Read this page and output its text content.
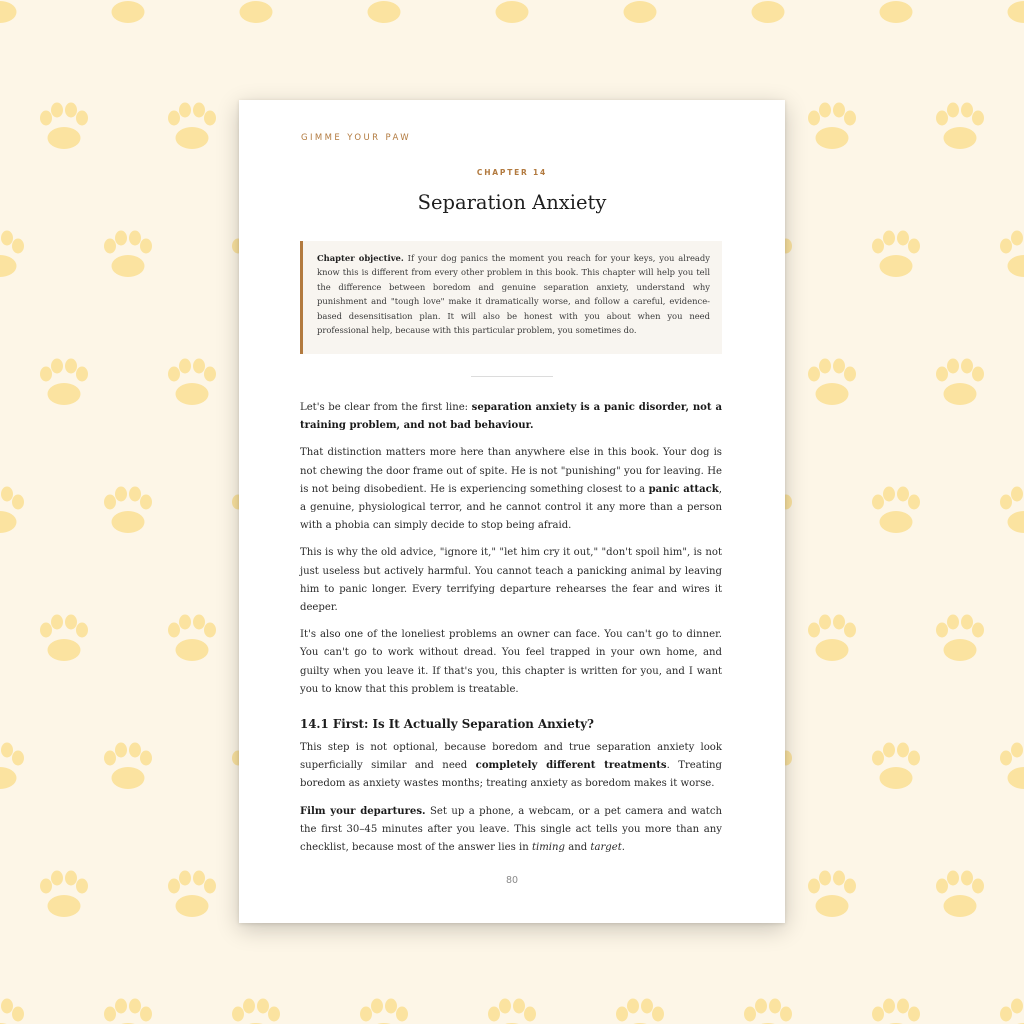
GIMME YOUR PAW
CHAPTER 14
Separation Anxiety
Chapter objective. If your dog panics the moment you reach for your keys, you already know this is different from every other problem in this book. This chapter will help you tell the difference between boredom and genuine separation anxiety, understand why punishment and "tough love" make it dramatically worse, and follow a careful, evidence-based desensitisation plan. It will also be honest with you about when you need professional help, because with this particular problem, you sometimes do.

Let's be clear from the first line: separation anxiety is a panic disorder, not a training problem, and not bad behaviour.

That distinction matters more here than anywhere else in this book. Your dog is not chewing the door frame out of spite. He is not "punishing" you for leaving. He is not being disobedient. He is experiencing something closest to a panic attack, a genuine, physiological terror, and he cannot control it any more than a person with a phobia can simply decide to stop being afraid.

This is why the old advice, "ignore it," "let him cry it out," "don't spoil him", is not just useless but actively harmful. You cannot teach a panicking animal by leaving him to panic longer. Every terrifying departure rehearses the fear and wires it deeper.

It's also one of the loneliest problems an owner can face. You can't go to dinner. You can't go to work without dread. You feel trapped in your own home, and guilty when you leave it. If that's you, this chapter is written for you, and I want you to know that this problem is treatable.

14.1 First: Is It Actually Separation Anxiety?

This step is not optional, because boredom and true separation anxiety look superficially similar and need completely different treatments. Treating boredom as anxiety wastes months; treating anxiety as boredom makes it worse.

Film your departures. Set up a phone, a webcam, or a pet camera and watch the first 30–45 minutes after you leave. This single act tells you more than any checklist, because most of the answer lies in timing and target.

80
